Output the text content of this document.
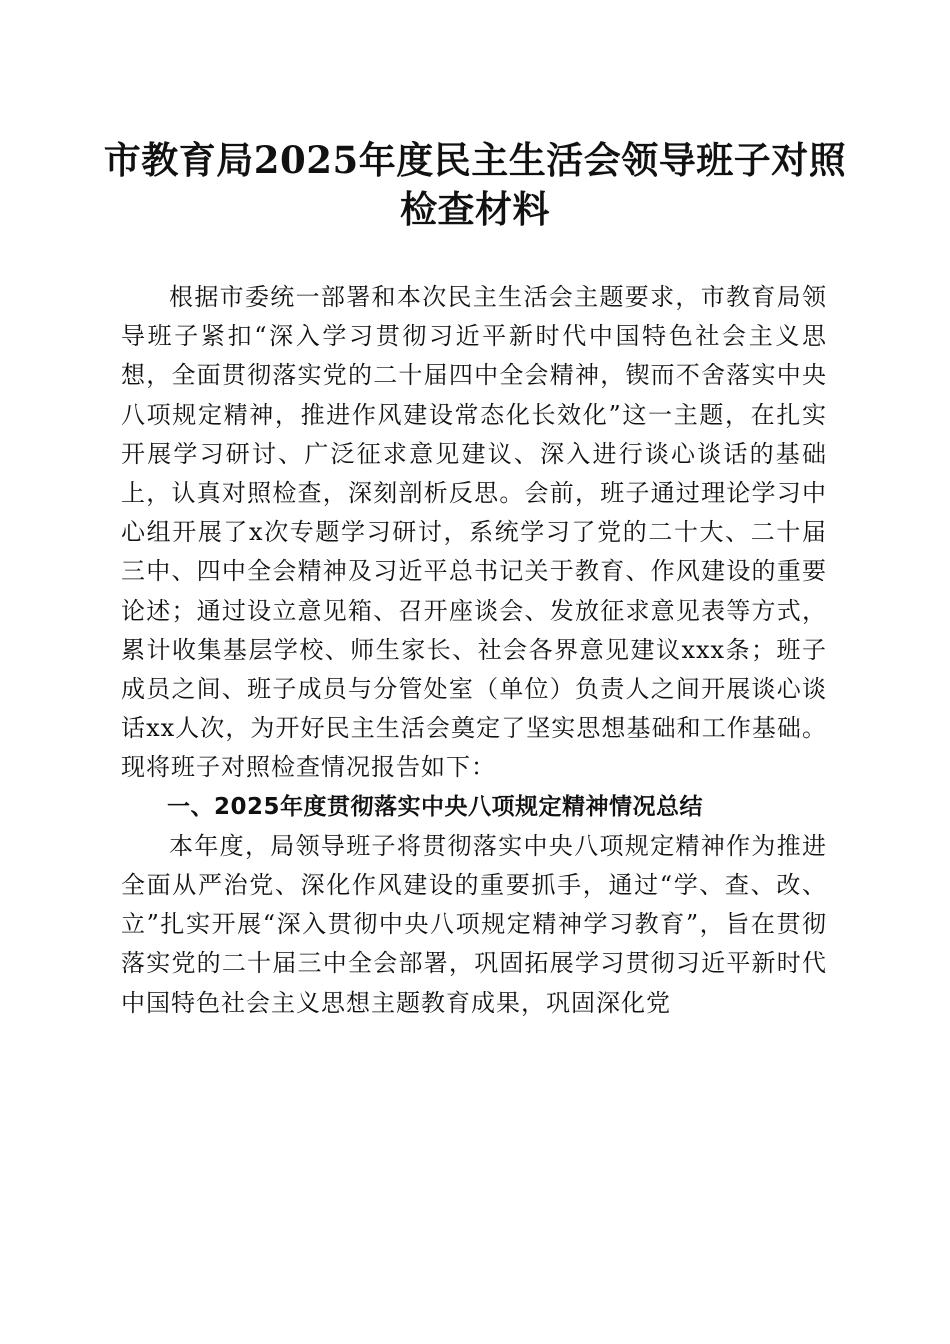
市教育局2025年度民主生活会领导班子对照检查材料

根据市委统一部署和本次民主生活会主题要求，市教育局领导班子紧扣“深入学习贯彻习近平新时代中国特色社会主义思想，全面贯彻落实党的二十届四中全会精神，锲而不舍落实中央八项规定精神，推进作风建设常态化长效化”这一主题，在扎实开展学习研讨、广泛征求意见建议、深入进行谈心谈话的基础上，认真对照检查，深刻剖析反思。会前，班子通过理论学习中心组开展了x次专题学习研讨，系统学习了党的二十大、二十届三中、四中全会精神及习近平总书记关于教育、作风建设的重要论述；通过设立意见箱、召开座谈会、发放征求意见表等方式，累计收集基层学校、师生家长、社会各界意见建议xxx条；班子成员之间、班子成员与分管处室（单位）负责人之间开展谈心谈话xx人次，为开好民主生活会奠定了坚实思想基础和工作基础。现将班子对照检查情况报告如下：

一、2025年度贯彻落实中央八项规定精神情况总结

本年度，局领导班子将贯彻落实中央八项规定精神作为推进全面从严治党、深化作风建设的重要抓手，通过“学、查、改、立”扎实开展“深入贯彻中央八项规定精神学习教育”，旨在贯彻落实党的二十届三中全会部署，巩固拓展学习贯彻习近平新时代中国特色社会主义思想主题教育成果，巩固深化党
